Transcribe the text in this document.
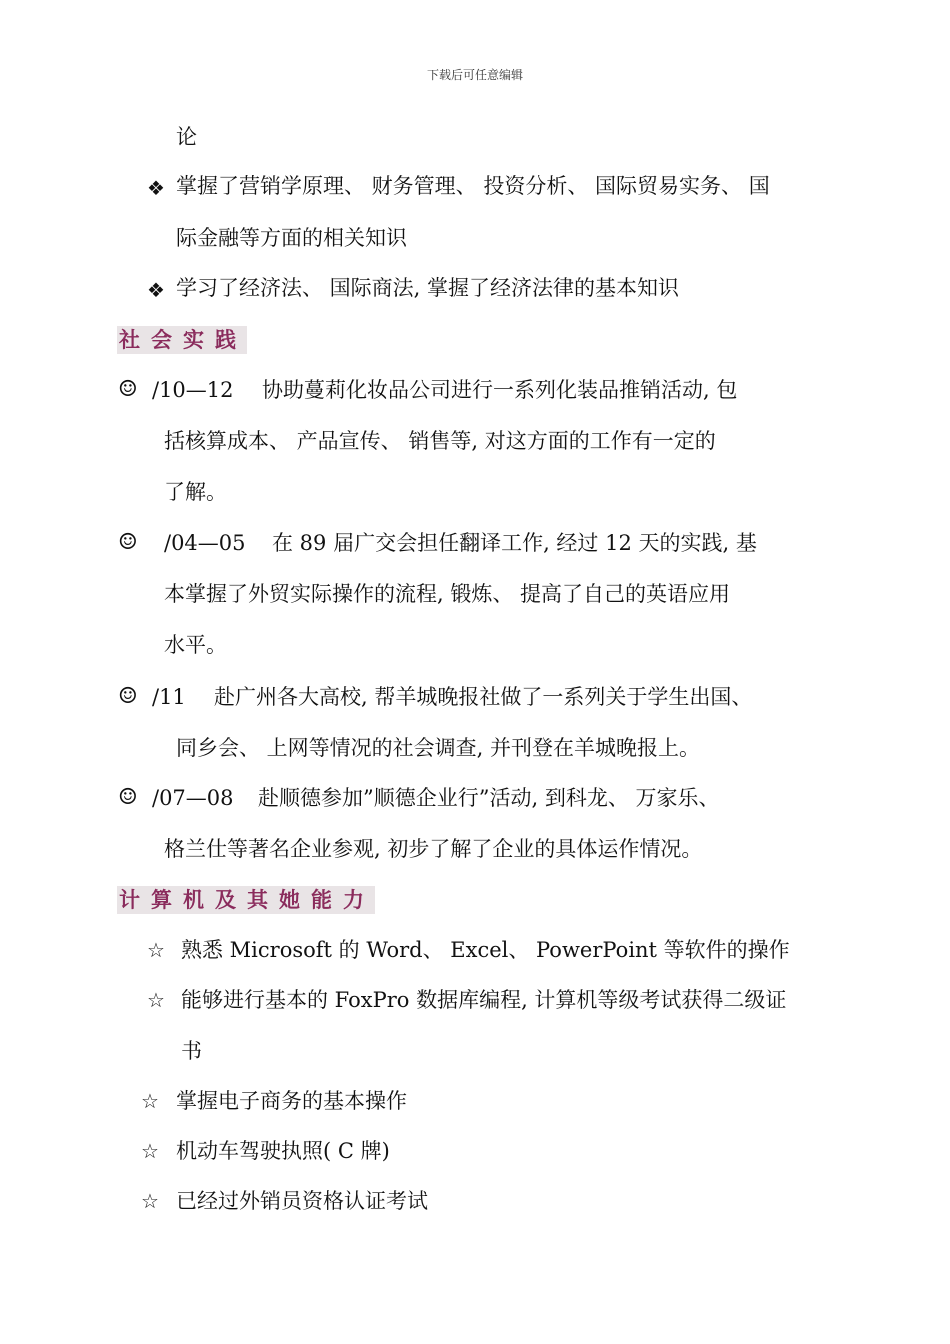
下载后可任意编辑
论
❖ 掌握了营销学原理、 财务管理、 投资分析、 国际贸易实务、 国
际金融等方面的相关知识
❖ 学习了经济法、 国际商法, 掌握了经济法律的基本知识
社会实践
☺ /10—12 协助蔓莉化妆品公司进行一系列化装品推销活动, 包
括核算成本、 产品宣传、 销售等, 对这方面的工作有一定的
了解。
☺ /04—05 在 89 届广交会担任翻译工作, 经过 12 天的实践, 基
本掌握了外贸实际操作的流程, 锻炼、 提高了自己的英语应用
水平。
☺ /11 赴广州各大高校, 帮羊城晚报社做了一系列关于学生出国、
同乡会、 上网等情况的社会调查, 并刊登在羊城晚报上。
☺ /07—08 赴顺德参加”顺德企业行”活动, 到科龙、 万家乐、
格兰仕等著名企业参观, 初步了解了企业的具体运作情况。
计算机及其她能力
☆ 熟悉 Microsoft 的 Word、 Excel、 PowerPoint 等软件的操作
☆ 能够进行基本的 FoxPro 数据库编程, 计算机等级考试获得二级证
书
☆ 掌握电子商务的基本操作
☆ 机动车驾驶执照( C 牌)
☆ 已经过外销员资格认证考试
